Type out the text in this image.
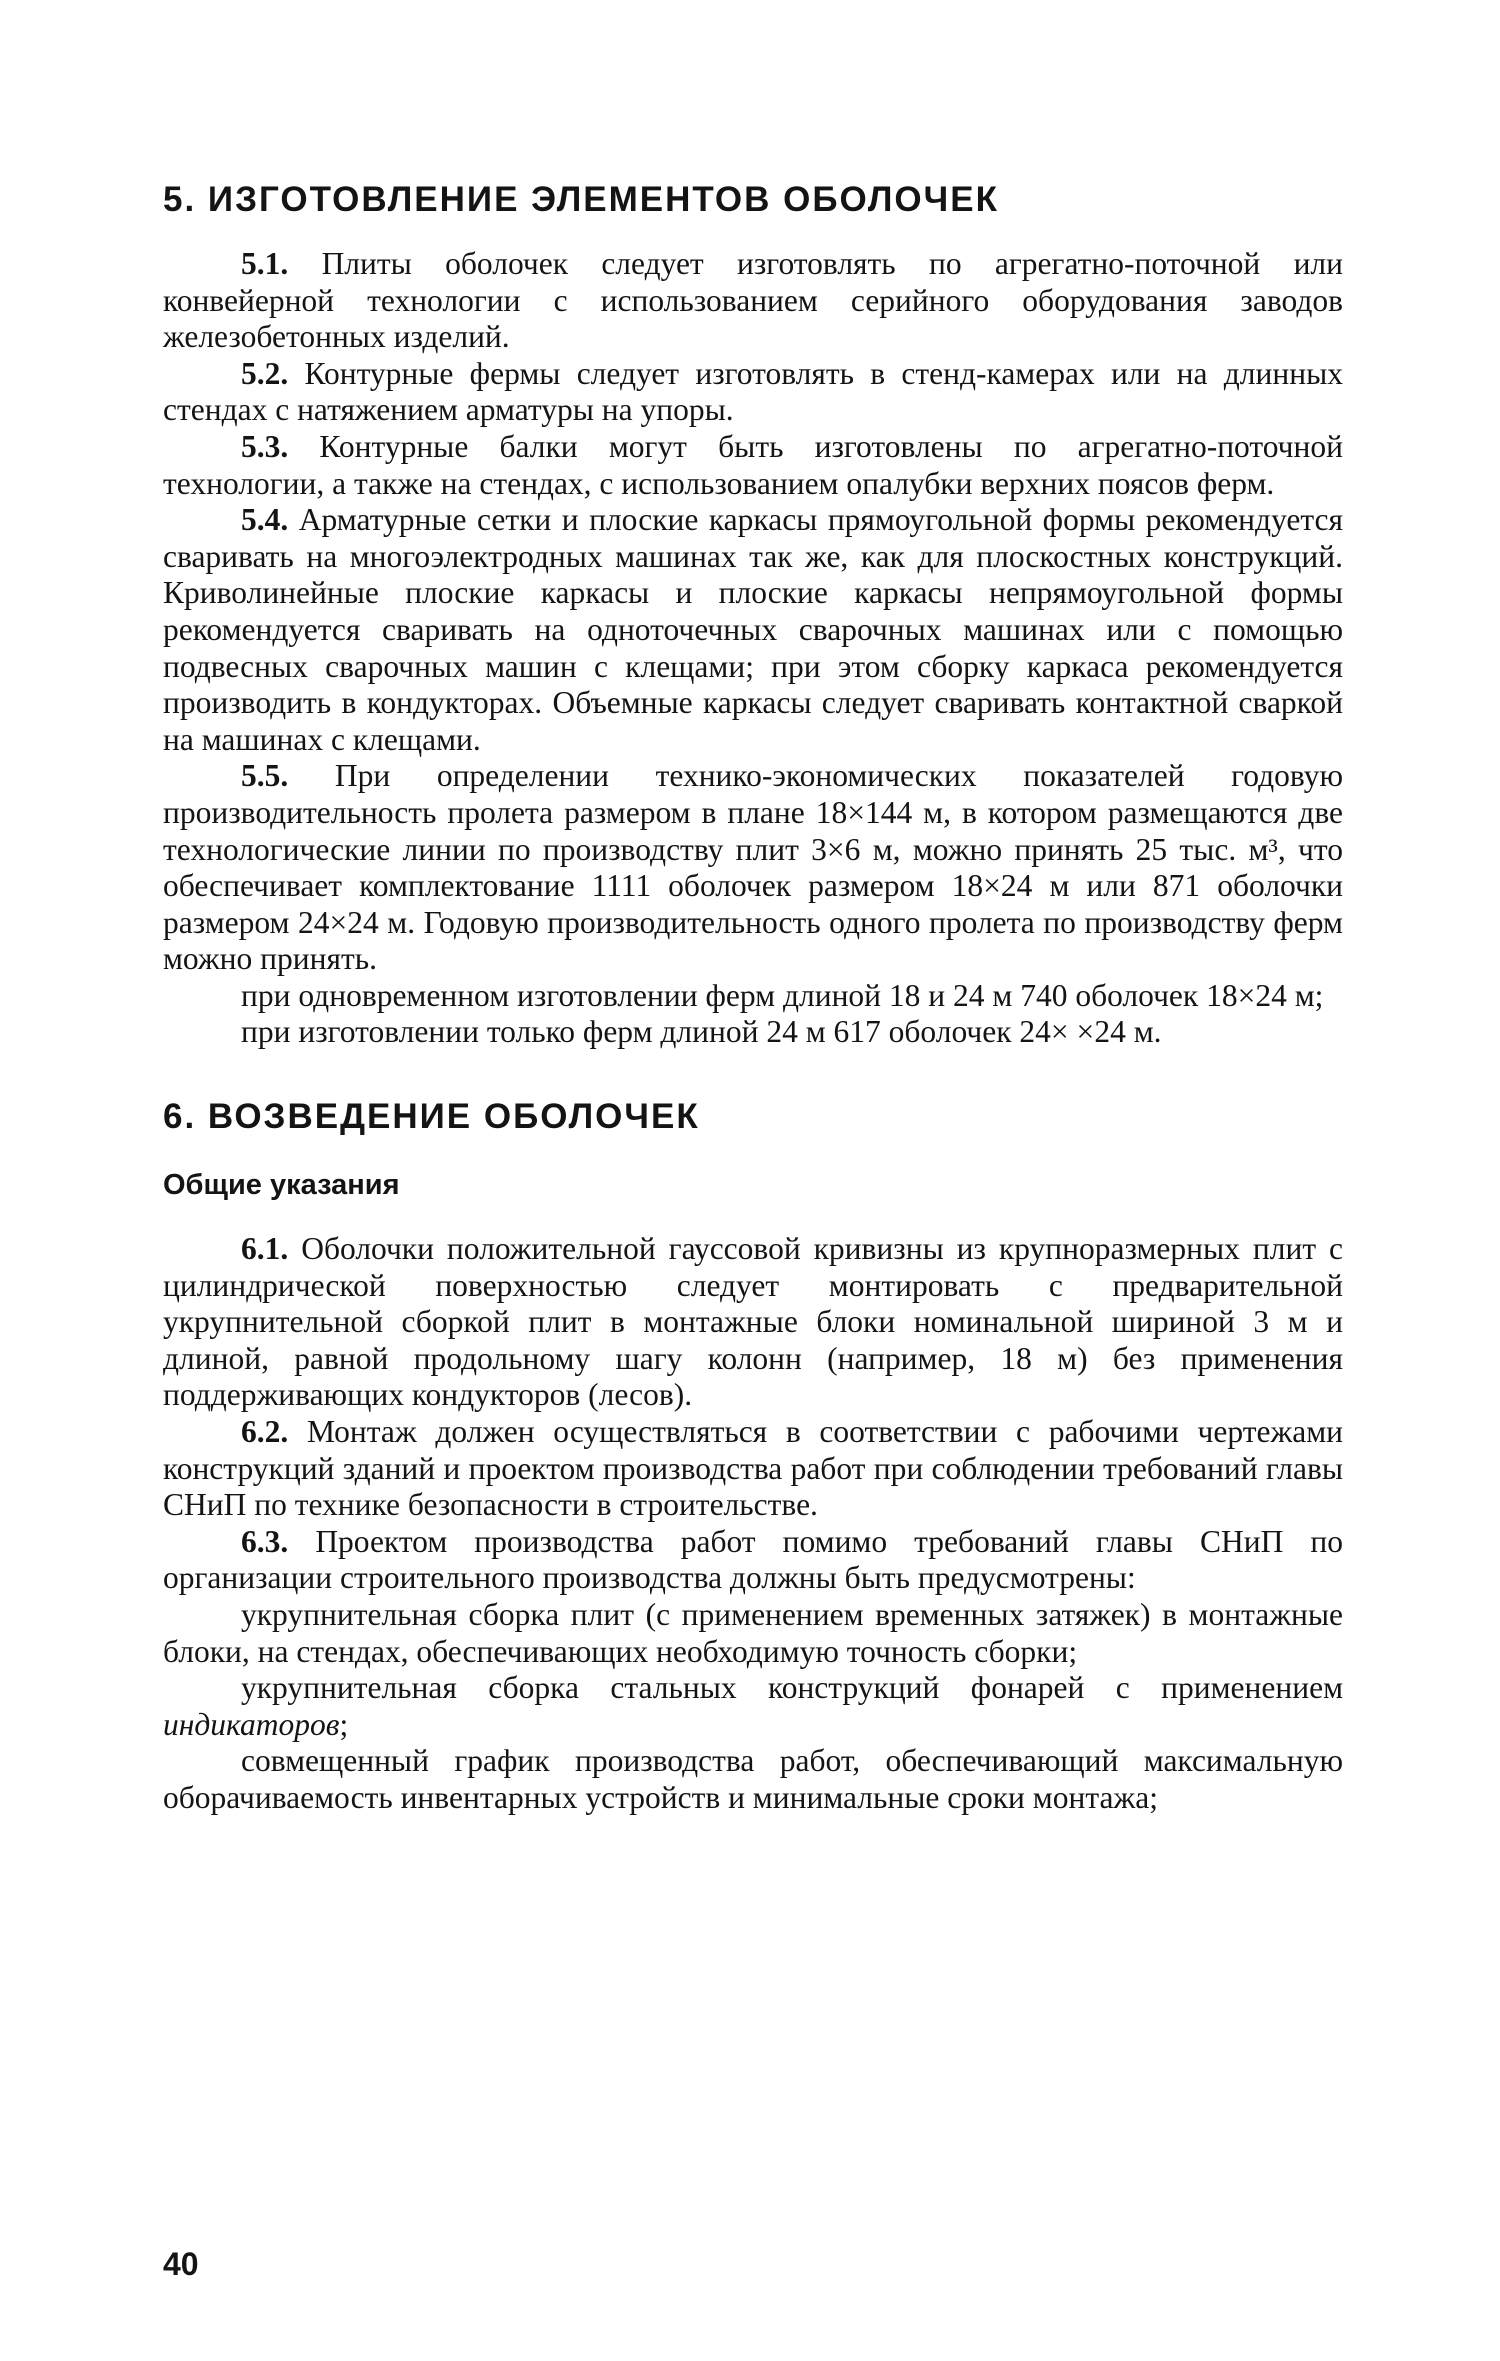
5. ИЗГОТОВЛЕНИЕ ЭЛЕМЕНТОВ ОБОЛОЧЕК

5.1. Плиты оболочек следует изготовлять по агрегатно-поточной или конвейерной технологии с использованием серийного оборудования заводов железобетонных изделий.

5.2. Контурные фермы следует изготовлять в стенд-камерах или на длинных стендах с натяжением арматуры на упоры.

5.3. Контурные балки могут быть изготовлены по агрегатно-поточной технологии, а также на стендах, с использованием опалубки верхних поясов ферм.

5.4. Арматурные сетки и плоские каркасы прямоугольной формы рекомендуется сваривать на многоэлектродных машинах так же, как для плоскостных конструкций. Криволинейные плоские каркасы и плоские каркасы непрямоугольной формы рекомендуется сваривать на одноточечных сварочных машинах или с помощью подвесных сварочных машин с клещами; при этом сборку каркаса рекомендуется производить в кондукторах. Объемные каркасы следует сваривать контактной сваркой на машинах с клещами.

5.5. При определении технико-экономических показателей годовую производительность пролета размером в плане 18×144 м, в котором размещаются две технологические линии по производству плит 3×6 м, можно принять 25 тыс. м³, что обеспечивает комплектование 1111 оболочек размером 18×24 м или 871 оболочки размером 24×24 м. Годовую производительность одного пролета по производству ферм можно принять.

при одновременном изготовлении ферм длиной 18 и 24 м 740 оболочек 18×24 м;

при изготовлении только ферм длиной 24 м 617 оболочек 24× ×24 м.

6. ВОЗВЕДЕНИЕ ОБОЛОЧЕК
Общие указания

6.1. Оболочки положительной гауссовой кривизны из крупноразмерных плит с цилиндрической поверхностью следует монтировать с предварительной укрупнительной сборкой плит в монтажные блоки номинальной шириной 3 м и длиной, равной продольному шагу колонн (например, 18 м) без применения поддерживающих кондукторов (лесов).

6.2. Монтаж должен осуществляться в соответствии с рабочими чертежами конструкций зданий и проектом производства работ при соблюдении требований главы СНиП по технике безопасности в строительстве.

6.3. Проектом производства работ помимо требований главы СНиП по организации строительного производства должны быть предусмотрены:

укрупнительная сборка плит (с применением временных затяжек) в монтажные блоки, на стендах, обеспечивающих необходимую точность сборки;

укрупнительная сборка стальных конструкций фонарей с применением индикаторов;

совмещенный график производства работ, обеспечивающий максимальную оборачиваемость инвентарных устройств и минимальные сроки монтажа;

40
